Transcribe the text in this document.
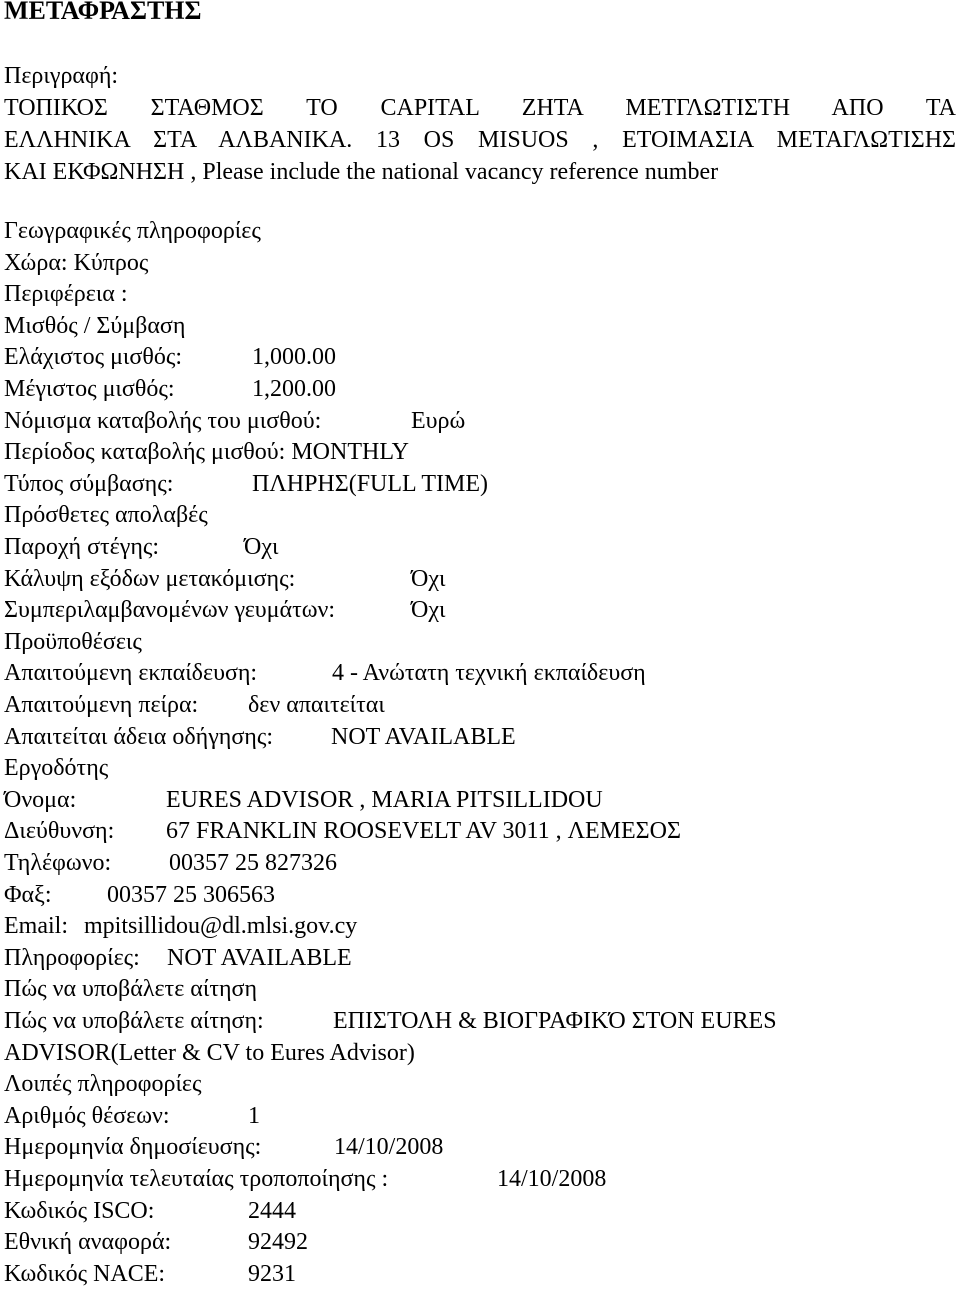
ΜΕΤΑΦΡΑΣΤΗΣ
Περιγραφή:
ΤΟΠΙΚΟΣ ΣΤΑΘΜΟΣ ΤΟ CAPITAL ΖΗΤΑ ΜΕΤΓΛΩΤΙΣΤΗ ΑΠΟ ΤΑ
ΕΛΛΗΝΙΚΑ ΣΤΑ ΑΛΒΑΝΙΚΑ. 13 OS MISUOS , ΕΤΟΙΜΑΣΙΑ ΜΕΤΑΓΛΩΤΙΣΗΣ
ΚΑΙ ΕΚΦΩΝΗΣΗ , Please include the national vacancy reference number
Γεωγραφικές πληροφορίες
Χώρα: Κύπρος
Περιφέρεια :
Μισθός / Σύμβαση
Ελάχιστος μισθός:	1,000.00
Μέγιστος μισθός:	1,200.00
Νόμισμα καταβολής του μισθού:	Ευρώ
Περίοδος καταβολής μισθού: MONTHLY
Τύπος σύμβασης:	ΠΛΗΡΗΣ(FULL TIME)
Πρόσθετες απολαβές
Παροχή στέγης:	Όχι
Κάλυψη εξόδων μετακόμισης:	Όχι
Συμπεριλαμβανομένων γευμάτων:	Όχι
Προϋποθέσεις
Απαιτούμενη εκπαίδευση:	4 - Ανώτατη τεχνική εκπαίδευση
Απαιτούμενη πείρα: δεν απαιτείται
Απαιτείται άδεια οδήγησης: NOT AVAILABLE
Εργοδότης
Όνομα:	EURES ADVISOR , MARIA PITSILLIDOU
Διεύθυνση: 67 FRANKLIN ROOSEVELT AV 3011 , ΛΕΜΕΣΟΣ
Τηλέφωνο: 00357 25 827326
Φαξ: 00357 25 306563
Email: mpitsillidou@dl.mlsi.gov.cy
Πληροφορίες: NOT AVAILABLE
Πώς να υποβάλετε αίτηση
Πώς να υποβάλετε αίτηση:	ΕΠΙΣΤΟΛΗ & ΒΙΟΓΡΑΦΙΚΌ ΣΤΟΝ EURES
ADVISOR(Letter & CV to Eures Advisor)
Λοιπές πληροφορίες
Αριθμός θέσεων:	1
Ημερομηνία δημοσίευσης:	14/10/2008
Ημερομηνία τελευταίας τροποποίησης :	14/10/2008
Κωδικός ISCO:	2444
Εθνική αναφορά:	92492
Κωδικός NACE:	9231
